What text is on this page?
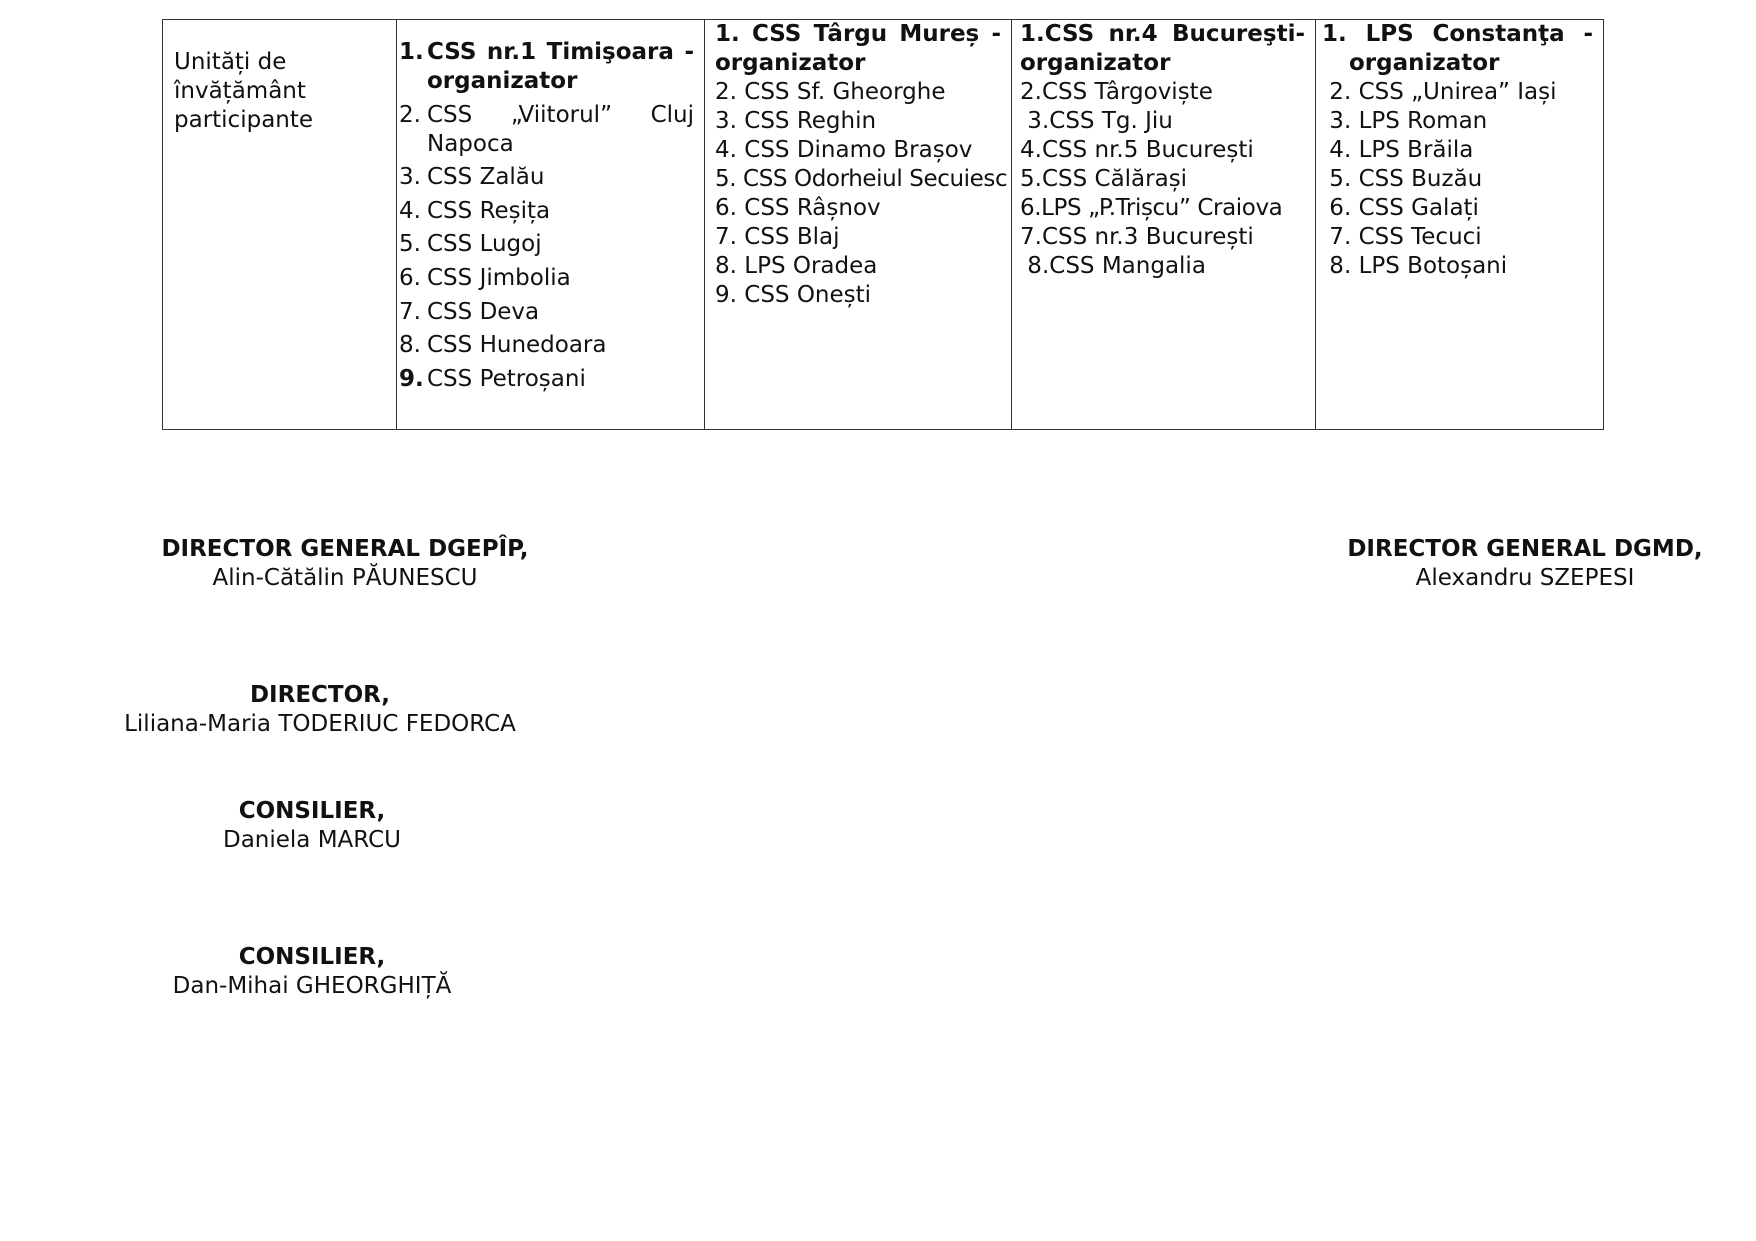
Unități de
învățământ
participante
1. CSS nr.1 Timişoara - organizator
2. CSS „Viitorul” Cluj Napoca
3. CSS Zalău
4. CSS Reșița
5. CSS Lugoj
6. CSS Jimbolia
7. CSS Deva
8. CSS Hunedoara
9. CSS Petroșani
1. CSS Târgu Mureș -
organizator
2. CSS Sf. Gheorghe
3. CSS Reghin
4. CSS Dinamo Brașov
5. CSS Odorheiul Secuiesc
6. CSS Râșnov
7. CSS Blaj
8. LPS Oradea
9. CSS Onești
1.CSS nr.4 Bucureşti-
organizator
2.CSS Târgoviște
3.CSS Tg. Jiu
4.CSS nr.5 București
5.CSS Călărași
6.LPS „P.Trișcu” Craiova
7.CSS nr.3 București
8.CSS Mangalia
1. LPS Constanţa -
organizator
2. CSS „Unirea” Iași
3. LPS Roman
4. LPS Brăila
5. CSS Buzău
6. CSS Galați
7. CSS Tecuci
8. LPS Botoșani
DIRECTOR GENERAL DGEPÎP,
Alin-Cătălin PĂUNESCU
DIRECTOR GENERAL DGMD,
Alexandru SZEPESI
DIRECTOR,
Liliana-Maria TODERIUC FEDORCA
CONSILIER,
Daniela MARCU
CONSILIER,
Dan-Mihai GHEORGHIȚĂ
